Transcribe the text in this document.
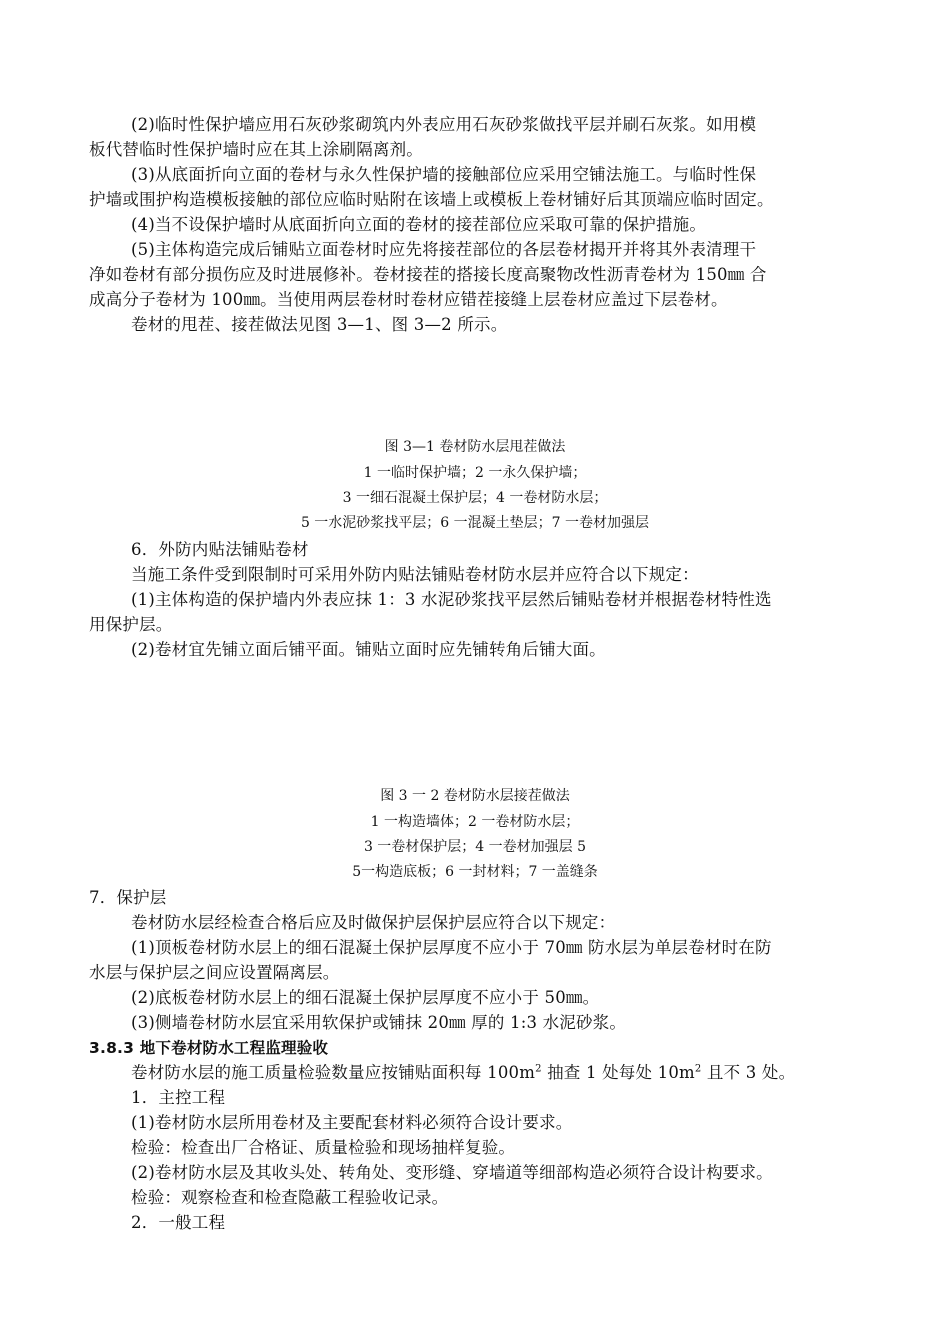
(2)临时性保护墙应用石灰砂浆砌筑内外表应用石灰砂浆做找平层并刷石灰浆。如用模
板代替临时性保护墙时应在其上涂刷隔离剂。
(3)从底面折向立面的卷材与永久性保护墙的接触部位应采用空铺法施工。与临时性保
护墙或围护构造模板接触的部位应临时贴附在该墙上或模板上卷材铺好后其顶端应临时固定。
(4)当不设保护墙时从底面折向立面的卷材的接茬部位应采取可靠的保护措施。
(5)主体构造完成后铺贴立面卷材时应先将接茬部位的各层卷材揭开并将其外表清理干
净如卷材有部分损伤应及时进展修补。卷材接茬的搭接长度高聚物改性沥青卷材为 150㎜ 合
成高分子卷材为 100㎜。当使用两层卷材时卷材应错茬接缝上层卷材应盖过下层卷材。
卷材的甩茬、接茬做法见图 3—1、图 3—2 所示。
图 3—1 卷材防水层甩茬做法
1 一临时保护墙；2 一永久保护墙；
3 一细石混凝土保护层；4 一卷材防水层；
5 一水泥砂浆找平层；6 一混凝土垫层；7 一卷材加强层
6．外防内贴法铺贴卷材
当施工条件受到限制时可采用外防内贴法铺贴卷材防水层并应符合以下规定：
(1)主体构造的保护墙内外表应抹 1：3 水泥砂浆找平层然后铺贴卷材并根据卷材特性选
用保护层。
(2)卷材宜先铺立面后铺平面。铺贴立面时应先铺转角后铺大面。
图 3 一 2 卷材防水层接茬做法
1 一构造墙体；2 一卷材防水层；
3 一卷材保护层；4 一卷材加强层 5
5一构造底板；6 一封材料；7 一盖缝条
7．保护层
卷材防水层经检查合格后应及时做保护层保护层应符合以下规定：
(1)顶板卷材防水层上的细石混凝土保护层厚度不应小于 70㎜ 防水层为单层卷材时在防
水层与保护层之间应设置隔离层。
(2)底板卷材防水层上的细石混凝土保护层厚度不应小于 50㎜。
(3)侧墙卷材防水层宜采用软保护或铺抹 20㎜ 厚的 1:3 水泥砂浆。
3.8.3 地下卷材防水工程监理验收
卷材防水层的施工质量检验数量应按铺贴面积每 $100m^2$ 抽查 1 处每处 $10m^2$ 且不 3 处。
1．主控工程
(1)卷材防水层所用卷材及主要配套材料必须符合设计要求。
检验：检查出厂合格证、质量检验和现场抽样复验。
(2)卷材防水层及其收头处、转角处、变形缝、穿墙道等细部构造必须符合设计构要求。
检验：观察检查和检查隐蔽工程验收记录。
2．一般工程
